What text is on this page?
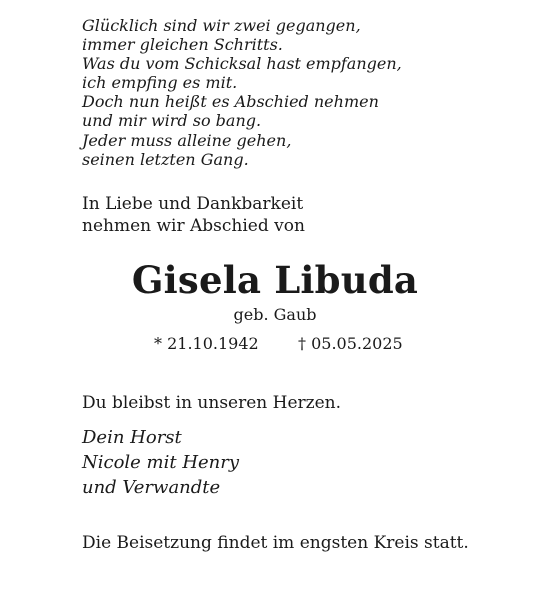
Glücklich sind wir zwei gegangen,
immer gleichen Schritts.
Was du vom Schicksal hast empfangen,
ich empfing es mit.
Doch nun heißt es Abschied nehmen
und mir wird so bang.
Jeder muss alleine gehen,
seinen letzten Gang.
In Liebe und Dankbarkeit
nehmen wir Abschied von
Gisela Libuda
geb. Gaub
* 21.10.1942 † 05.05.2025
Du bleibst in unseren Herzen.
Dein Horst
Nicole mit Henry
und Verwandte
Die Beisetzung findet im engsten Kreis statt.
